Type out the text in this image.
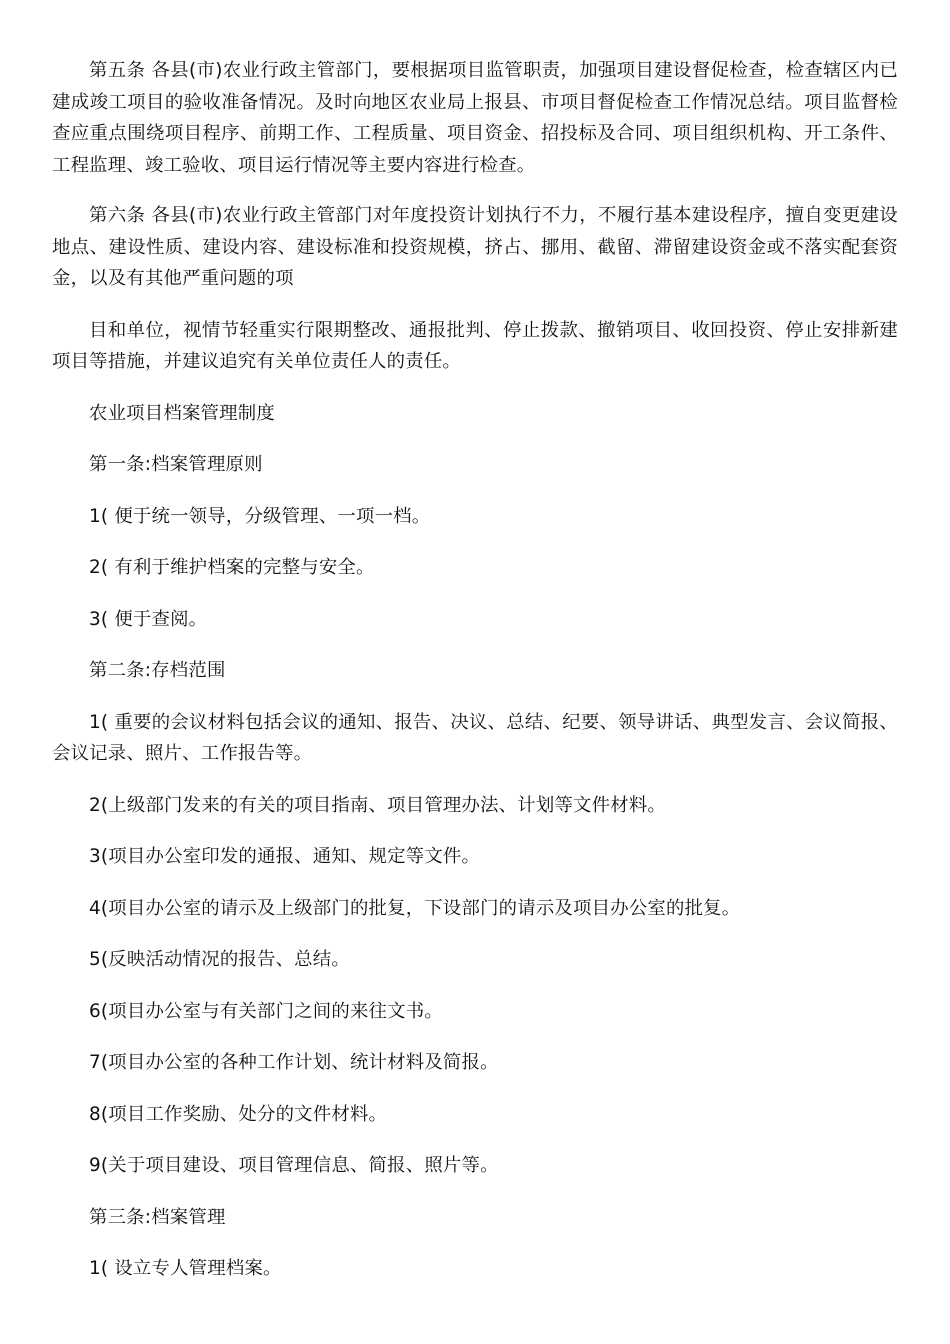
第五条 各县(市)农业行政主管部门，要根据项目监管职责，加强项目建设督促检查，检查辖区内已建成竣工项目的验收准备情况。及时向地区农业局上报县、市项目督促检查工作情况总结。项目监督检查应重点围绕项目程序、前期工作、工程质量、项目资金、招投标及合同、项目组织机构、开工条件、工程监理、竣工验收、项目运行情况等主要内容进行检查。

第六条 各县(市)农业行政主管部门对年度投资计划执行不力，不履行基本建设程序，擅自变更建设地点、建设性质、建设内容、建设标准和投资规模，挤占、挪用、截留、滞留建设资金或不落实配套资金，以及有其他严重问题的项

目和单位，视情节轻重实行限期整改、通报批判、停止拨款、撤销项目、收回投资、停止安排新建项目等措施，并建议追究有关单位责任人的责任。

农业项目档案管理制度

第一条:档案管理原则

1( 便于统一领导，分级管理、一项一档。

2( 有利于维护档案的完整与安全。

3( 便于查阅。

第二条:存档范围

1( 重要的会议材料包括会议的通知、报告、决议、总结、纪要、领导讲话、典型发言、会议简报、会议记录、照片、工作报告等。

2(上级部门发来的有关的项目指南、项目管理办法、计划等文件材料。

3(项目办公室印发的通报、通知、规定等文件。

4(项目办公室的请示及上级部门的批复，下设部门的请示及项目办公室的批复。

5(反映活动情况的报告、总结。

6(项目办公室与有关部门之间的来往文书。

7(项目办公室的各种工作计划、统计材料及简报。

8(项目工作奖励、处分的文件材料。

9(关于项目建设、项目管理信息、简报、照片等。

第三条:档案管理

1( 设立专人管理档案。
